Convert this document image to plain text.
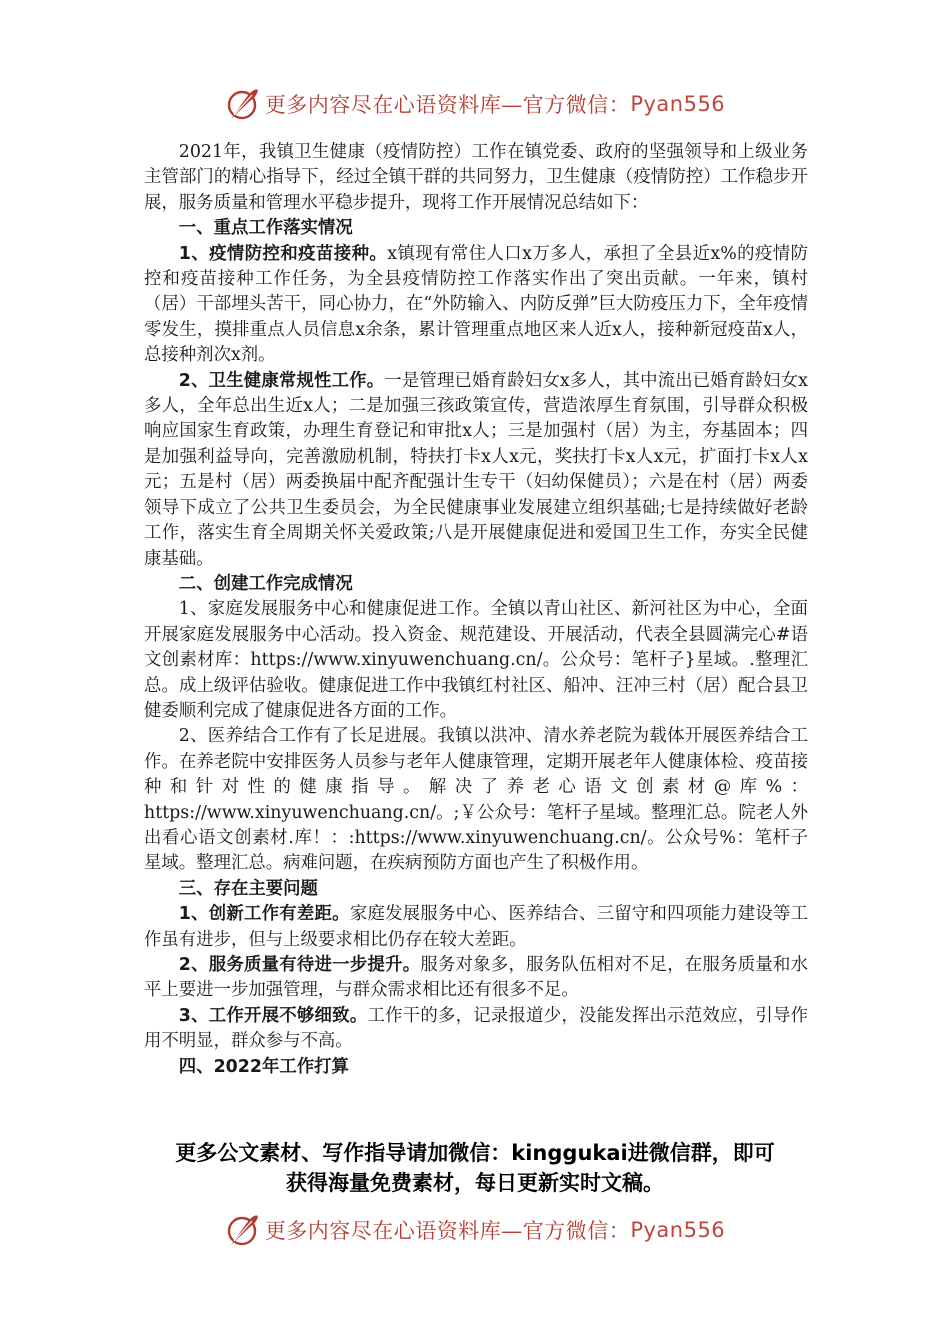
更多内容尽在心语资料库—官方微信： Pyan556

2021年，我镇卫生健康（疫情防控）工作在镇党委、政府的坚强领导和上级业务主管部门的精心指导下，经过全镇干群的共同努力，卫生健康（疫情防控）工作稳步开展，服务质量和管理水平稳步提升，现将工作开展情况总结如下：

一、重点工作落实情况

1、疫情防控和疫苗接种。x镇现有常住人口x万多人，承担了全县近x%的疫情防控和疫苗接种工作任务，为全县疫情防控工作落实作出了突出贡献。一年来，镇村（居）干部埋头苦干，同心协力，在“外防输入、内防反弹”巨大防疫压力下，全年疫情零发生，摸排重点人员信息x余条，累计管理重点地区来人近x人，接种新冠疫苗x人，总接种剂次x剂。

2、卫生健康常规性工作。一是管理已婚育龄妇女x多人，其中流出已婚育龄妇女x多人，全年总出生近x人；二是加强三孩政策宣传，营造浓厚生育氛围，引导群众积极响应国家生育政策，办理生育登记和审批x人；三是加强村（居）为主，夯基固本；四是加强利益导向，完善激励机制，特扶打卡x人x元，奖扶打卡x人x元，扩面打卡x人x元；五是村（居）两委换届中配齐配强计生专干（妇幼保健员）；六是在村（居）两委领导下成立了公共卫生委员会，为全民健康事业发展建立组织基础;七是持续做好老龄工作，落实生育全周期关怀关爱政策;八是开展健康促进和爱国卫生工作，夯实全民健康基础。

二、创建工作完成情况

1、家庭发展服务中心和健康促进工作。全镇以青山社区、新河社区为中心，全面开展家庭发展服务中心活动。投入资金、规范建设、开展活动，代表全县圆满完心#语文创素材库：https://www.xinyuwenchuang.cn/。公众号：笔杆子}星域。.整理汇总。成上级评估验收。健康促进工作中我镇红村社区、船冲、汪冲三村（居）配合县卫健委顺利完成了健康促进各方面的工作。

2、医养结合工作有了长足进展。我镇以洪冲、清水养老院为载体开展医养结合工作。在养老院中安排医务人员参与老年人健康管理，定期开展老年人健康体检、疫苗接种和针对性的健康指导。解决了养老心语文创素材@库%：https://www.xinyuwenchuang.cn/。;￥公众号：笔杆子星域。整理汇总。院老人外出看心语文创素材.库！：:https://www.xinyuwenchuang.cn/。公众号%：笔杆子星域。整理汇总。病难问题，在疾病预防方面也产生了积极作用。

三、存在主要问题

1、创新工作有差距。家庭发展服务中心、医养结合、三留守和四项能力建设等工作虽有进步，但与上级要求相比仍存在较大差距。

2、服务质量有待进一步提升。服务对象多，服务队伍相对不足，在服务质量和水平上要进一步加强管理，与群众需求相比还有很多不足。

3、工作开展不够细致。工作干的多，记录报道少，没能发挥出示范效应，引导作用不明显，群众参与不高。

四、2022年工作打算

更多公文素材、写作指导请加微信：kinggukai进微信群，即可
获得海量免费素材，每日更新实时文稿。
更多内容尽在心语资料库—官方微信： Pyan556
